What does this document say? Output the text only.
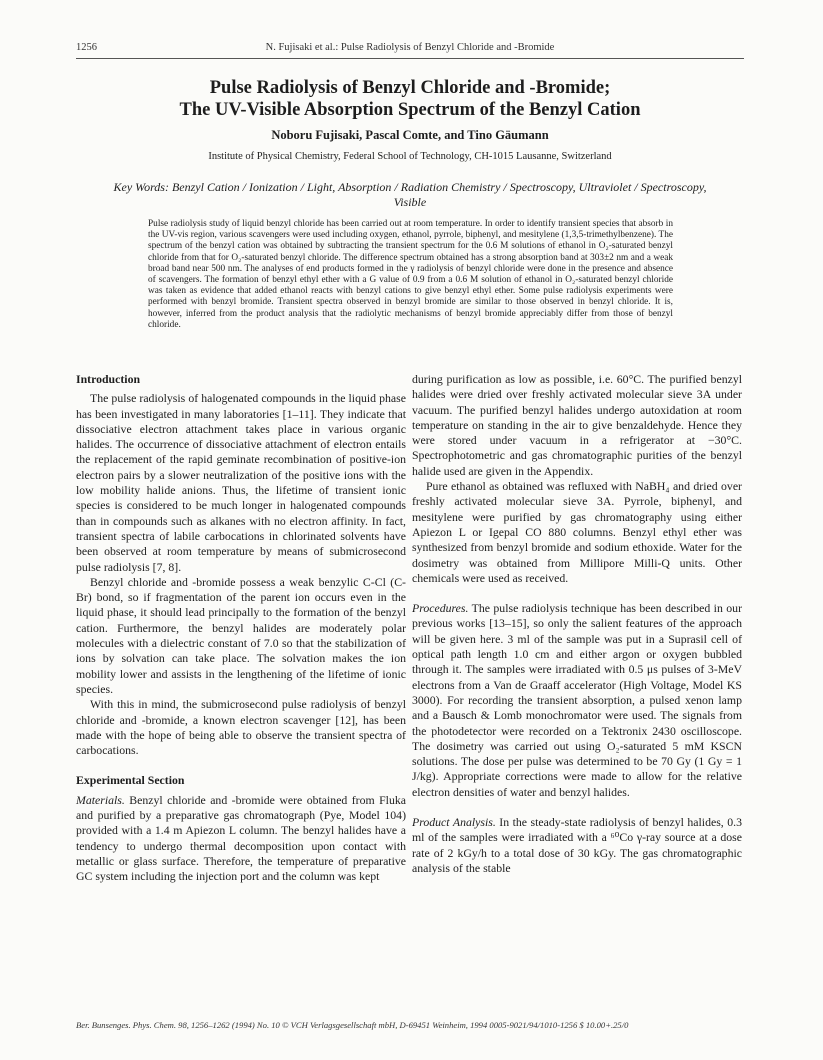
1256	N. Fujisaki et al.: Pulse Radiolysis of Benzyl Chloride and -Bromide
Pulse Radiolysis of Benzyl Chloride and -Bromide;
The UV-Visible Absorption Spectrum of the Benzyl Cation
Noboru Fujisaki, Pascal Comte, and Tino Gäumann
Institute of Physical Chemistry, Federal School of Technology, CH-1015 Lausanne, Switzerland
Key Words: Benzyl Cation / Ionization / Light, Absorption / Radiation Chemistry / Spectroscopy, Ultraviolet / Spectroscopy, Visible

Pulse radiolysis study of liquid benzyl chloride has been carried out at room temperature. In order to identify transient species that absorb in the UV-vis region, various scavengers were used including oxygen, ethanol, pyrrole, biphenyl, and mesitylene (1,3,5-trimethylbenzene). The spectrum of the benzyl cation was obtained by subtracting the transient spectrum for the 0.6 M solutions of ethanol in O₂-saturated benzyl chloride from that for O₂-saturated benzyl chloride. The difference spectrum obtained has a strong absorption band at 303±2 nm and a weak broad band near 500 nm. The analyses of end products formed in the γ radiolysis of benzyl chloride were done in the presence and absence of scavengers. The formation of benzyl ethyl ether with a G value of 0.9 from a 0.6 M solution of ethanol in O₂-saturated benzyl chloride was taken as evidence that added ethanol reacts with benzyl cations to give benzyl ethyl ether. Some pulse radiolysis experiments were performed with benzyl bromide. Transient spectra observed in benzyl bromide are similar to those observed in benzyl chloride. It is, however, inferred from the product analysis that the radiolytic mechanisms of benzyl bromide appreciably differ from those of benzyl chloride.

Introduction

The pulse radiolysis of halogenated compounds in the liquid phase has been investigated in many laboratories [1–11]. They indicate that dissociative electron attachment takes place in various organic halides. The occurrence of dissociative attachment of electron entails the replacement of the rapid geminate recombination of positive-ion electron pairs by a slower neutralization of the positive ions with the low mobility halide anions. Thus, the lifetime of transient ionic species is considered to be much longer in halogenated compounds than in compounds such as alkanes with no electron affinity. In fact, transient spectra of labile carbocations in chlorinated solvents have been observed at room temperature by means of submicrosecond pulse radiolysis [7, 8].

Benzyl chloride and -bromide possess a weak benzylic C-Cl (C-Br) bond, so if fragmentation of the parent ion occurs even in the liquid phase, it should lead principally to the formation of the benzyl cation. Furthermore, the benzyl halides are moderately polar molecules with a dielectric constant of 7.0 so that the stabilization of ions by solvation can take place. The solvation makes the ion mobility lower and assists in the lengthening of the lifetime of ionic species.

With this in mind, the submicrosecond pulse radiolysis of benzyl chloride and -bromide, a known electron scavenger [12], has been made with the hope of being able to observe the transient spectra of carbocations.

Experimental Section

Materials. Benzyl chloride and -bromide were obtained from Fluka and purified by a preparative gas chromatograph (Pye, Model 104) provided with a 1.4 m Apiezon L column. The benzyl halides have a tendency to undergo thermal decomposition upon contact with metallic or glass surface. Therefore, the temperature of preparative GC system including the injection port and the column was kept

during purification as low as possible, i.e. 60°C. The purified benzyl halides were dried over freshly activated molecular sieve 3A under vacuum. The purified benzyl halides undergo autoxidation at room temperature on standing in the air to give benzaldehyde. Hence they were stored under vacuum in a refrigerator at −30°C. Spectrophotometric and gas chromatographic purities of the benzyl halide used are given in the Appendix.

Pure ethanol as obtained was refluxed with NaBH₄ and dried over freshly activated molecular sieve 3A. Pyrrole, biphenyl, and mesitylene were purified by gas chromatography using either Apiezon L or Igepal CO 880 columns. Benzyl ethyl ether was synthesized from benzyl bromide and sodium ethoxide. Water for the dosimetry was obtained from Millipore Milli-Q units. Other chemicals were used as received.

Procedures. The pulse radiolysis technique has been described in our previous works [13–15], so only the salient features of the approach will be given here. 3 ml of the sample was put in a Suprasil cell of optical path length 1.0 cm and either argon or oxygen bubbled through it. The samples were irradiated with 0.5 μs pulses of 3-MeV electrons from a Van de Graaff accelerator (High Voltage, Model KS 3000). For recording the transient absorption, a pulsed xenon lamp and a Bausch & Lomb monochromator were used. The signals from the photodetector were recorded on a Tektronix 2430 oscilloscope. The dosimetry was carried out using O₂-saturated 5 mM KSCN solutions. The dose per pulse was determined to be 70 Gy (1 Gy = 1 J/kg). Appropriate corrections were made to allow for the relative electron densities of water and benzyl halides.

Product Analysis. In the steady-state radiolysis of benzyl halides, 0.3 ml of the samples were irradiated with a ⁶⁰Co γ-ray source at a dose rate of 2 kGy/h to a total dose of 30 kGy. The gas chromatographic analysis of the stable

Ber. Bunsenges. Phys. Chem. 98, 1256–1262 (1994) No. 10 © VCH Verlagsgesellschaft mbH, D-69451 Weinheim, 1994 0005-9021/94/1010-1256 $ 10.00+.25/0
